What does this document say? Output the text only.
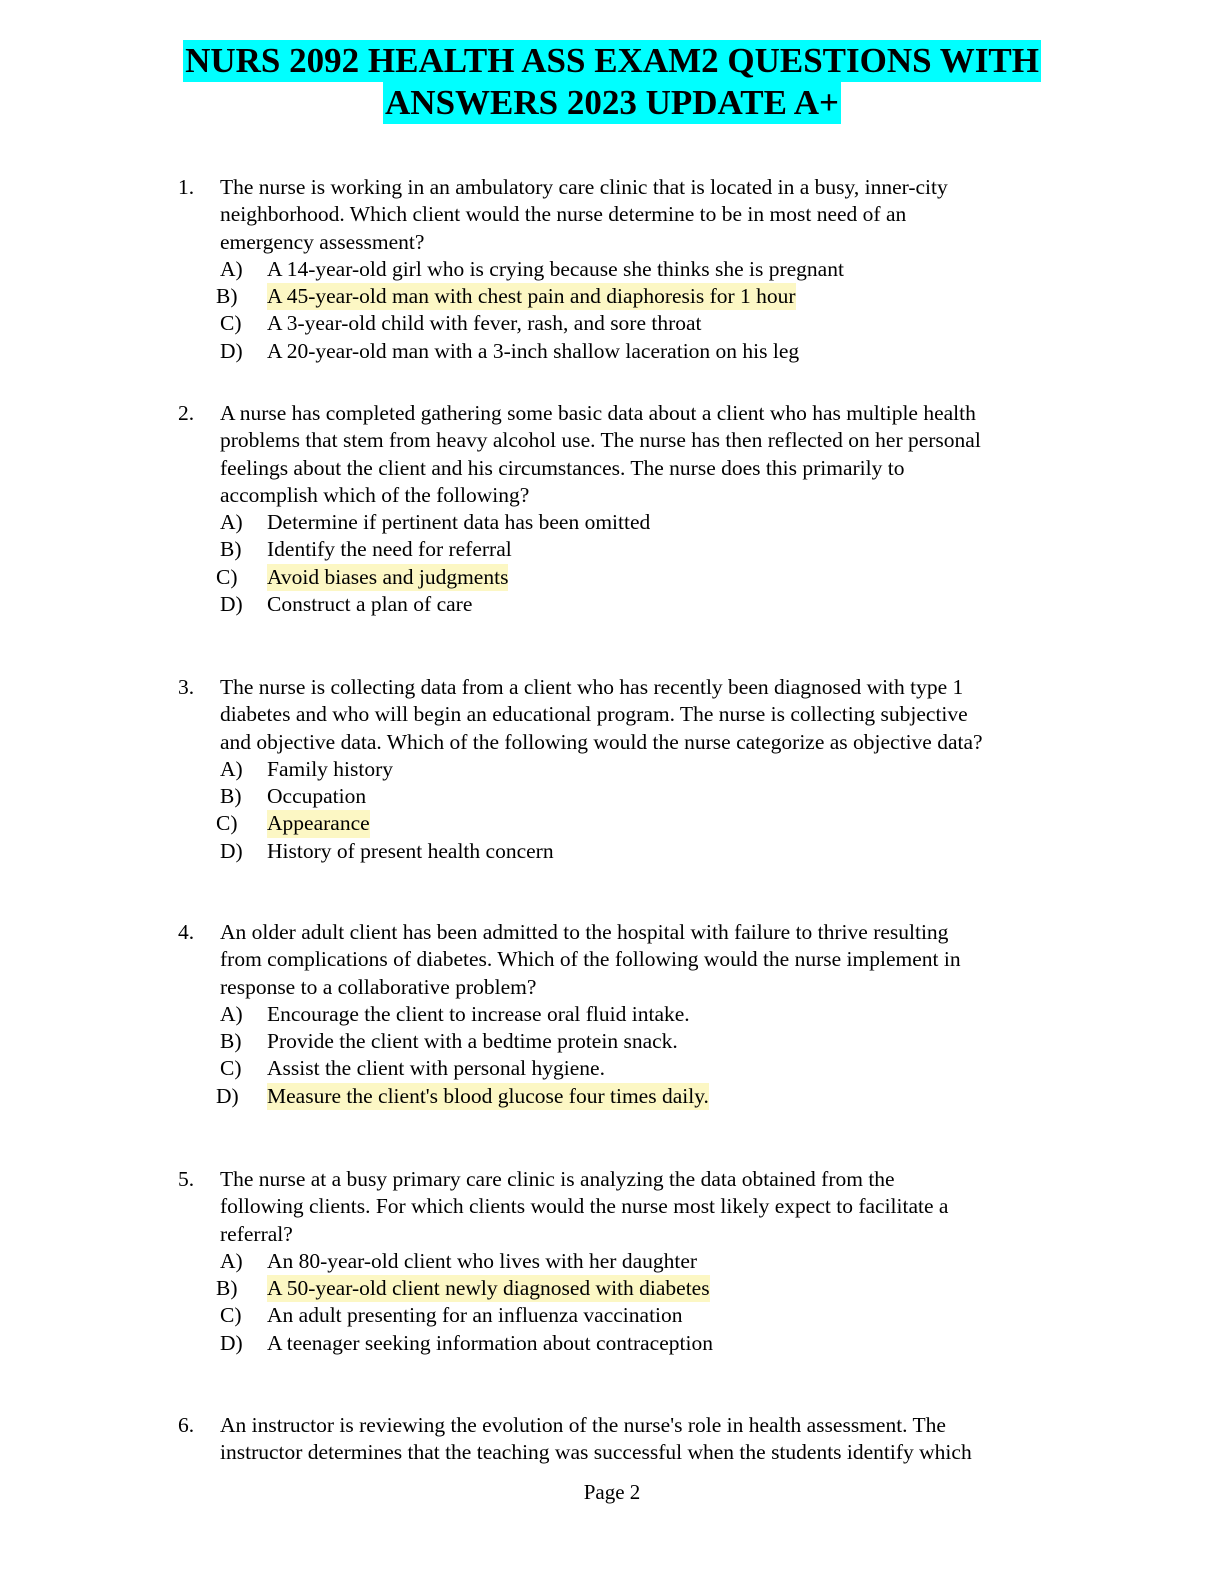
NURS 2092 HEALTH ASS EXAM2 QUESTIONS WITH
ANSWERS 2023 UPDATE A+
1. The nurse is working in an ambulatory care clinic that is located in a busy, inner-city
neighborhood. Which client would the nurse determine to be in most need of an
emergency assessment?
A) A 14-year-old girl who is crying because she thinks she is pregnant
B) A 45-year-old man with chest pain and diaphoresis for 1 hour
C) A 3-year-old child with fever, rash, and sore throat
D) A 20-year-old man with a 3-inch shallow laceration on his leg
2. A nurse has completed gathering some basic data about a client who has multiple health
problems that stem from heavy alcohol use. The nurse has then reflected on her personal
feelings about the client and his circumstances. The nurse does this primarily to
accomplish which of the following?
A) Determine if pertinent data has been omitted
B) Identify the need for referral
C) Avoid biases and judgments
D) Construct a plan of care
3. The nurse is collecting data from a client who has recently been diagnosed with type 1
diabetes and who will begin an educational program. The nurse is collecting subjective
and objective data. Which of the following would the nurse categorize as objective data?
A) Family history
B) Occupation
C) Appearance
D) History of present health concern
4. An older adult client has been admitted to the hospital with failure to thrive resulting
from complications of diabetes. Which of the following would the nurse implement in
response to a collaborative problem?
A) Encourage the client to increase oral fluid intake.
B) Provide the client with a bedtime protein snack.
C) Assist the client with personal hygiene.
D) Measure the client's blood glucose four times daily.
5. The nurse at a busy primary care clinic is analyzing the data obtained from the
following clients. For which clients would the nurse most likely expect to facilitate a
referral?
A) An 80-year-old client who lives with her daughter
B) A 50-year-old client newly diagnosed with diabetes
C) An adult presenting for an influenza vaccination
D) A teenager seeking information about contraception
6. An instructor is reviewing the evolution of the nurse's role in health assessment. The
instructor determines that the teaching was successful when the students identify which
Page 2
